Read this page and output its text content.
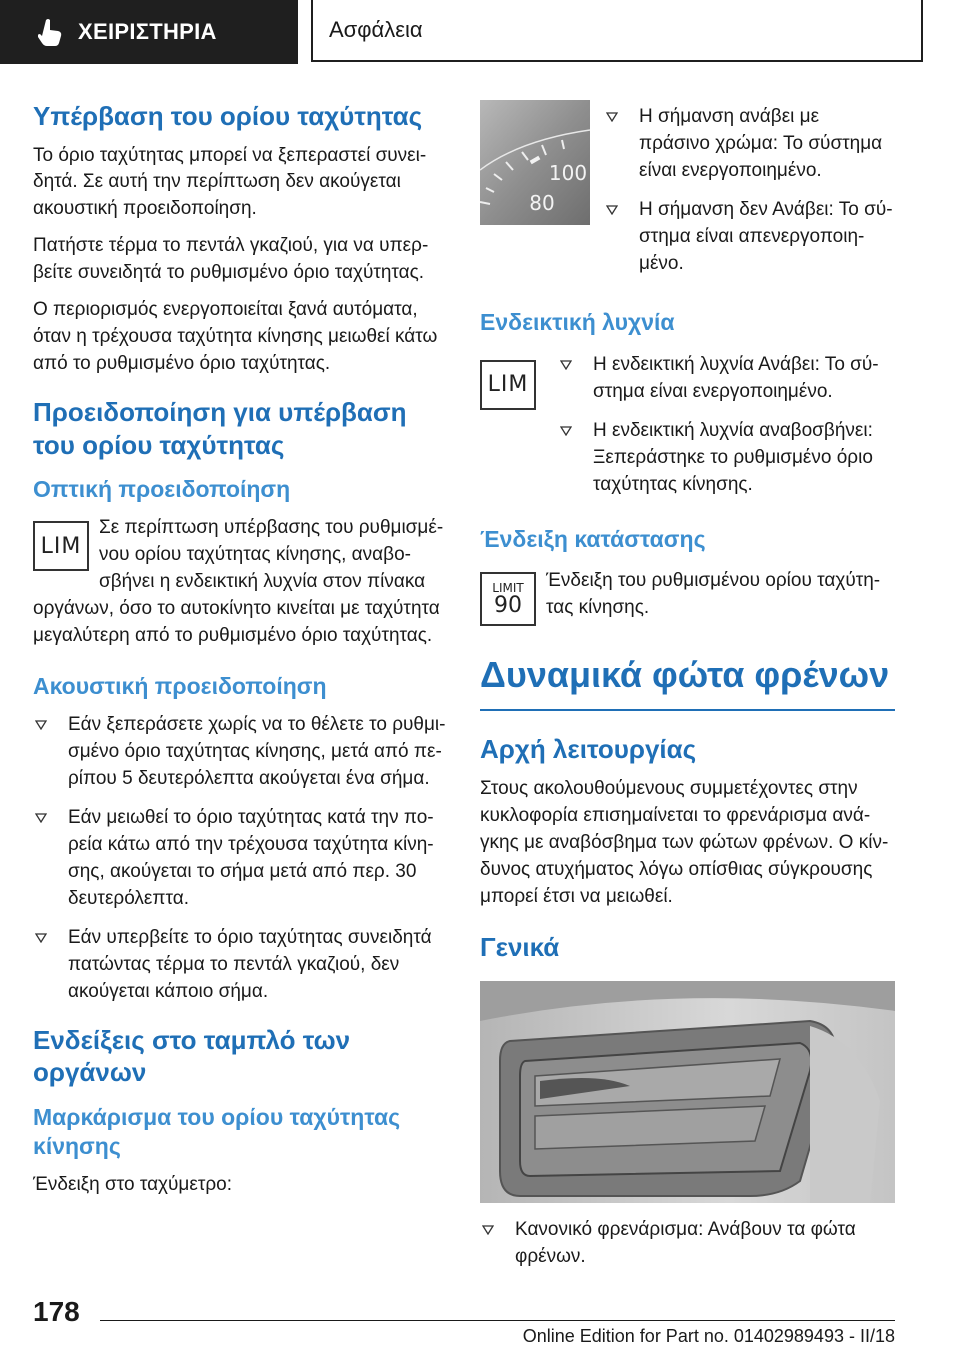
ΧΕΙΡΙΣΤΗΡΙΑ	Ασφάλεια
Υπέρβαση του ορίου ταχύτητας

Το όριο ταχύτητας μπορεί να ξεπεραστεί συνειδητά. Σε αυτή την περίπτωση δεν ακούγεται ακουστική προειδοποίηση.

Πατήστε τέρμα το πεντάλ γκαζιού, για να υπερβείτε συνειδητά το ρυθμισμένο όριο ταχύτητας.

Ο περιορισμός ενεργοποιείται ξανά αυτόματα, όταν η τρέχουσα ταχύτητα κίνησης μειωθεί κάτω από το ρυθμισμένο όριο ταχύτητας.

Προειδοποίηση για υπέρβαση του ορίου ταχύτητας
Οπτική προειδοποίηση
LIM

Σε περίπτωση υπέρβασης του ρυθμισμένου ορίου ταχύτητας κίνησης, αναβοσβήνει η ενδεικτική λυχνία στον πίνακα

οργάνων, όσο το αυτοκίνητο κινείται με ταχύτητα μεγαλύτερη από το ρυθμισμένο όριο ταχύτητας.

Ακουστική προειδοποίηση
Εάν ξεπεράσετε χωρίς να το θέλετε το ρυθμισμένο όριο ταχύτητας κίνησης, μετά από περίπου 5 δευτερόλεπτα ακούγεται ένα σήμα.
Εάν μειωθεί το όριο ταχύτητας κατά την πορεία κάτω από την τρέχουσα ταχύτητα κίνησης, ακούγεται το σήμα μετά από περ. 30 δευτερόλεπτα.
Εάν υπερβείτε το όριο ταχύτητας συνειδητά πατώντας τέρμα το πεντάλ γκαζιού, δεν ακούγεται κάποιο σήμα.
Ενδείξεις στο ταμπλό των οργάνων
Μαρκάρισμα του ορίου ταχύτητας κίνησης

Ένδειξη στο ταχύμετρο:

100
80
Η σήμανση ανάβει με πράσινο χρώμα: Το σύστημα είναι ενεργοποιημένο.
Η σήμανση δεν Ανάβει: Το σύστημα είναι απενεργοποιημένο.
Ενδεικτική λυχνία
LIM
Η ενδεικτική λυχνία Ανάβει: Το σύστημα είναι ενεργοποιημένο.
Η ενδεικτική λυχνία αναβοσβήνει: Ξεπεράστηκε το ρυθμισμένο όριο ταχύτητας κίνησης.
Ένδειξη κατάστασης
LIMIT
90

Ένδειξη του ρυθμισμένου ορίου ταχύτητας κίνησης.

Δυναμικά φώτα φρένων
Αρχή λειτουργίας

Στους ακολουθούμενους συμμετέχοντες στην κυκλοφορία επισημαίνεται το φρενάρισμα ανάγκης με αναβόσβημα των φώτων φρένων. Ο κίνδυνος ατυχήματος λόγω οπίσθιας σύγκρουσης μπορεί έτσι να μειωθεί.

Γενικά
Κανονικό φρενάρισμα: Ανάβουν τα φώτα φρένων.
178
Online Edition for Part no. 01402989493 - II/18
